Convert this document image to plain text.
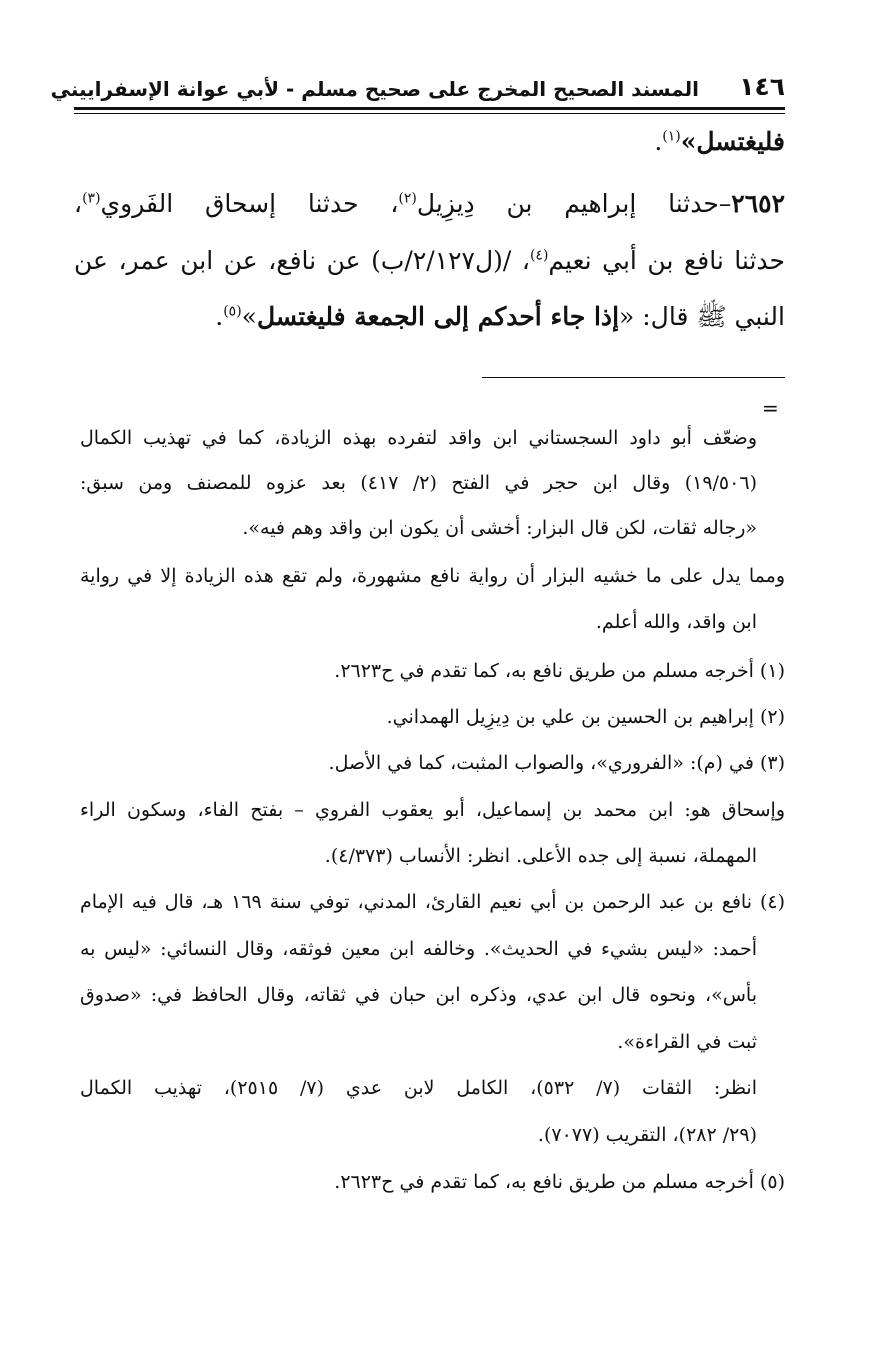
١٤٦
المسند الصحيح المخرج على صحيح مسلم - لأبي عوانة الإسفراييني
فليغتسل»$^{(١)}$.
٢٦٥٢–حدثنا إبراهيم بن دِيزِيل$^{(٢)}$، حدثنا إسحاق الفَروي$^{(٣)}$،
حدثنا نافع بن أبي نعيم$^{(٤)}$، /(ل٢/١٢٧/ب) عن نافع، عن ابن عمر، عن
النبي ﷺ قال: «إذا جاء أحدكم إلى الجمعة فليغتسل»$^{(٥)}$.
=
وضعّف أبو داود السجستاني ابن واقد لتفرده بهذه الزيادة، كما في تهذيب الكمال
(١٩/٥٠٦) وقال ابن حجر في الفتح (٢/ ٤١٧) بعد عزوه للمصنف ومن سبق:
«رجاله ثقات، لكن قال البزار: أخشى أن يكون ابن واقد وهم فيه».
ومما يدل على ما خشيه البزار أن رواية نافع مشهورة، ولم تقع هذه الزيادة إلا في رواية
ابن واقد، والله أعلم.
(١) أخرجه مسلم من طريق نافع به، كما تقدم في ح٢٦٢٣.
(٢) إبراهيم بن الحسين بن علي بن دِيزِيل الهمداني.
(٣) في (م): «الفروري»، والصواب المثبت، كما في الأصل.
وإسحاق هو: ابن محمد بن إسماعيل، أبو يعقوب الفروي – بفتح الفاء، وسكون الراء
المهملة، نسبة إلى جده الأعلى. انظر: الأنساب (٤/٣٧٣).
(٤) نافع بن عبد الرحمن بن أبي نعيم القارئ، المدني، توفي سنة ١٦٩ هـ، قال فيه الإمام
أحمد: «ليس بشيء في الحديث». وخالفه ابن معين فوثقه، وقال النسائي: «ليس به
بأس»، ونحوه قال ابن عدي، وذكره ابن حبان في ثقاته، وقال الحافظ في: «صدوق
ثبت في القراءة».
انظر: الثقات (٧/ ٥٣٢)، الكامل لابن عدي (٧/ ٢٥١٥)، تهذيب الكمال
(٢٩/ ٢٨٢)، التقريب (٧٠٧٧).
(٥) أخرجه مسلم من طريق نافع به، كما تقدم في ح٢٦٢٣.
